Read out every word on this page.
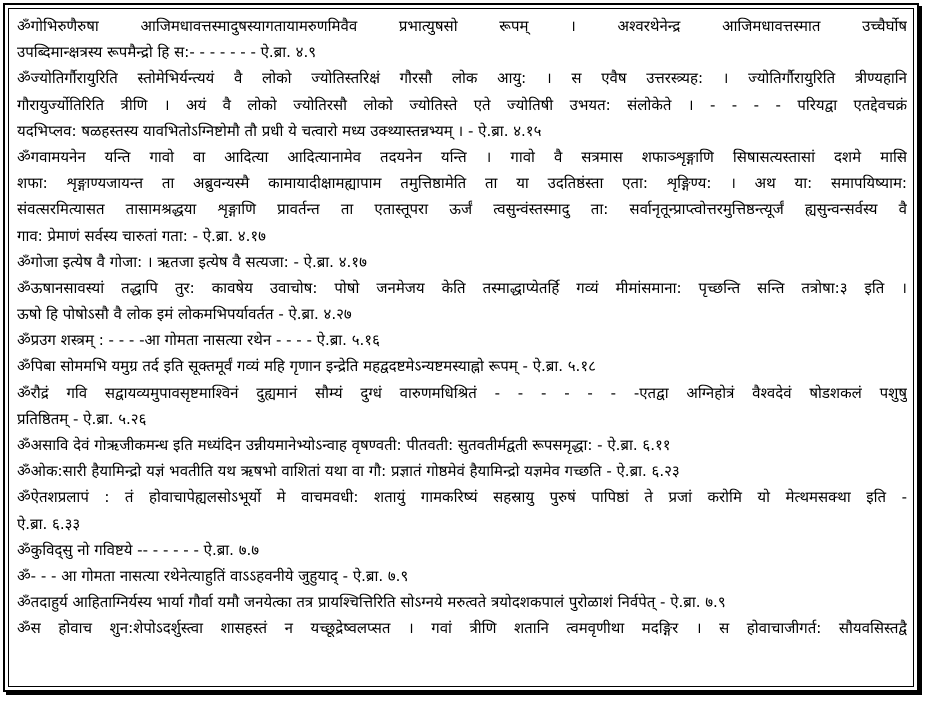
ॐगोभिरुणैरुषा आजिमधावत्तस्मादुषस्यागतायामरुणमिवैव प्रभात्युषसो रूपम् । अश्वरथेनेन्द्र आजिमधावत्तस्मात उच्चैर्घोष
उपब्दिमान्क्षत्रस्य रूपमैन्द्रो हि स:- - - - - - - ऐ.ब्रा. ४.९
ॐज्योतिर्गौरायुरिति स्तोमेभिर्यन्त्ययं वै लोको ज्योतिस्तरिक्षं गौरसौ लोक आयु: । स एवैष उत्तरस्त्र्यह: । ज्योतिर्गौरायुरिति त्रीण्यहानि
गौरायुर्ज्योतिरिति त्रीणि । अयं वै लोको ज्योतिरसौ लोको ज्योतिस्ते एते ज्योतिषी उभयत: संलोकेते । - - - - परियद्वा एतद्देवचक्रं
यदभिप्लव: षळहस्तस्य यावभितोऽग्निष्टोमौ तौ प्रधी ये चत्वारो मध्य उक्थ्यास्तन्नभ्यम् । - ऐ.ब्रा. ४.१५
ॐगवामयनेन यन्ति गावो वा आदित्या आदित्यानामेव तदयनेन यन्ति । गावो वै सत्रमास शफाञ्शृङ्गाणि सिषासत्यस्तासां दशमे मासि
शफा: शृङ्गाण्यजायन्त ता अब्रुवन्यस्मै कामायादीक्षामह्यापाम तमुत्तिष्ठामेति ता या उदतिष्ठंस्ता एता: शृङ्गिण्य: । अथ या: समापयिष्याम:
संवत्सरमित्यासत तासामश्रद्धया शृङ्गाणि प्रावर्तन्त ता एतास्तूपरा ऊर्जं त्वसुन्वंस्तस्मादु ता: सर्वानृतून्प्राप्त्वोत्तरमुत्तिष्ठन्त्यूर्जं ह्यसुन्वन्सर्वस्य वै
गाव: प्रेमाणं सर्वस्य चारुतां गता: - ऐ.ब्रा. ४.१७
ॐगोजा इत्येष वै गोजा: । ऋतजा इत्येष वै सत्यजा: - ऐ.ब्रा. ४.१७
ॐऊषानसावस्यां तद्धापि तुर: कावषेय उवाचोष: पोषो जनमेजय केति तस्माद्धाप्येतर्हि गव्यं मीमांसमाना: पृच्छन्ति सन्ति तत्रोषा:३ इति ।
ऊषो हि पोषोऽसौ वै लोक इमं लोकमभिपर्यावर्तत - ऐ.ब्रा. ४.२७
ॐप्रउग शस्त्रम् : - - - -आ गोमता नासत्या रथेन - - - - ऐ.ब्रा. ५.१६
ॐपिबा सोममभि यमुग्र तर्द इति सूक्तमूर्वं गव्यं महि गृणान इन्द्रेति महद्वदष्टमेऽन्यष्टमस्याह्नो रूपम् - ऐ.ब्रा. ५.१८
ॐरौद्रं गवि सद्वायव्यमुपावसृष्टमाश्विनं दुह्यमानं सौम्यं दुग्धं वारुणमधिश्रितं - - - - - - -एतद्वा अग्निहोत्रं वैश्वदेवं षोडशकलं पशुषु
प्रतिष्ठितम् - ऐ.ब्रा. ५.२६
ॐअसावि देवं गोऋजीकमन्ध इति मध्यंदिन उन्नीयमानेभ्योऽन्वाह वृषण्वती: पीतवती: सुतवतीर्मद्वती रूपसमृद्धा: - ऐ.ब्रा. ६.११
ॐओक:सारी हैयामिन्द्रो यज्ञं भवतीति यथ ऋषभो वाशितां यथा वा गौ: प्रज्ञातं गोष्ठमेवं हैयामिन्द्रो यज्ञमेव गच्छति - ऐ.ब्रा. ६.२३
ॐऐतशप्रलापं : तं होवाचापेह्यलसोऽभूर्यो मे वाचमवधी: शतायुं गामकरिष्यं सहस्रायु पुरुषं पापिष्ठां ते प्रजां करोमि यो मेत्थमसक्था इति -
ऐ.ब्रा. ६.३३
ॐकुविद्सु नो गविष्टये -- - - - - - ऐ.ब्रा. ७.७
ॐ- - - आ गोमता नासत्या रथेनेत्याहुतिं वाऽऽहवनीये जुहुयाद् - ऐ.ब्रा. ७.९
ॐतदाहुर्य आहिताग्निर्यस्य भार्या गौर्वा यमौ जनयेत्का तत्र प्रायश्चित्तिरिति सोऽग्नये मरुत्वते त्रयोदशकपालं पुरोळाशं निर्वपेत् - ऐ.ब्रा. ७.९
ॐस होवाच शुन:शेपोऽदर्शुस्त्वा शासहस्तं न यच्छूद्रेष्वलप्सत । गवां त्रीणि शतानि त्वमवृणीथा मदङ्गिर । स होवाचाजीगर्त: सौयवसिस्तद्वै
